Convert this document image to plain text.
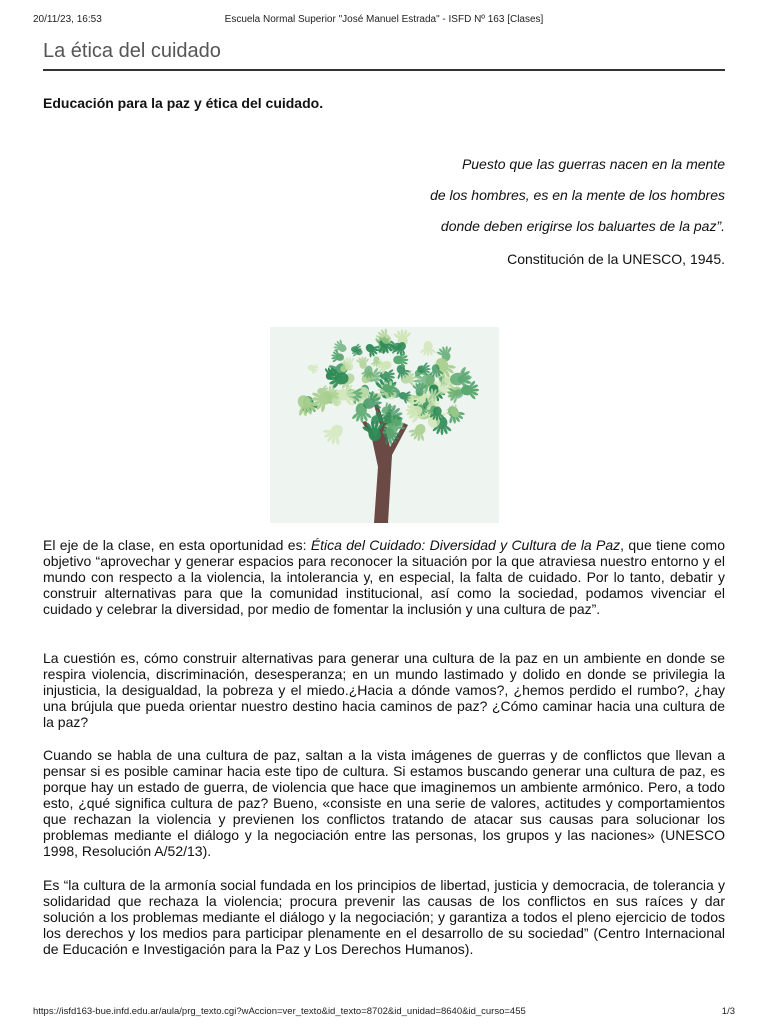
20/11/23, 16:53	Escuela Normal Superior "José Manuel Estrada" - ISFD Nº 163 [Clases]
La ética del cuidado
Educación para la paz y ética del cuidado.
Puesto que las guerras nacen en la mente
de los hombres, es en la mente de los hombres
donde deben erigirse los baluartes de la paz”.
Constitución de la UNESCO, 1945.
El eje de la clase, en esta oportunidad es: Ética del Cuidado: Diversidad y Cultura de la Paz, que tiene como objetivo “aprovechar y generar espacios para reconocer la situación por la que atraviesa nuestro entorno y el mundo con respecto a la violencia, la intolerancia y, en especial, la falta de cuidado. Por lo tanto, debatir y construir alternativas para que la comunidad institucional, así como la sociedad, podamos vivenciar el cuidado y celebrar la diversidad, por medio de fomentar la inclusión y una cultura de paz”.
La cuestión es, cómo construir alternativas para generar una cultura de la paz en un ambiente en donde se respira violencia, discriminación, desesperanza; en un mundo lastimado y dolido en donde se privilegia la injusticia, la desigualdad, la pobreza y el miedo.¿Hacia a dónde vamos?, ¿hemos perdido el rumbo?, ¿hay una brújula que pueda orientar nuestro destino hacia caminos de paz? ¿Cómo caminar hacia una cultura de la paz?
Cuando se habla de una cultura de paz, saltan a la vista imágenes de guerras y de conflictos que llevan a pensar si es posible caminar hacia este tipo de cultura. Si estamos buscando generar una cultura de paz, es porque hay un estado de guerra, de violencia que hace que imaginemos un ambiente armónico. Pero, a todo esto, ¿qué significa cultura de paz? Bueno, «consiste en una serie de valores, actitudes y comportamientos que rechazan la violencia y previenen los conflictos tratando de atacar sus causas para solucionar los problemas mediante el diálogo y la negociación entre las personas, los grupos y las naciones» (UNESCO 1998, Resolución A/52/13).
Es “la cultura de la armonía social fundada en los principios de libertad, justicia y democracia, de tolerancia y solidaridad que rechaza la violencia; procura prevenir las causas de los conflictos en sus raíces y dar solución a los problemas mediante el diálogo y la negociación; y garantiza a todos el pleno ejercicio de todos los derechos y los medios para participar plenamente en el desarrollo de su sociedad” (Centro Internacional de Educación e Investigación para la Paz y Los Derechos Humanos).
https://isfd163-bue.infd.edu.ar/aula/prg_texto.cgi?wAccion=ver_texto&id_texto=8702&id_unidad=8640&id_curso=455	1/3
